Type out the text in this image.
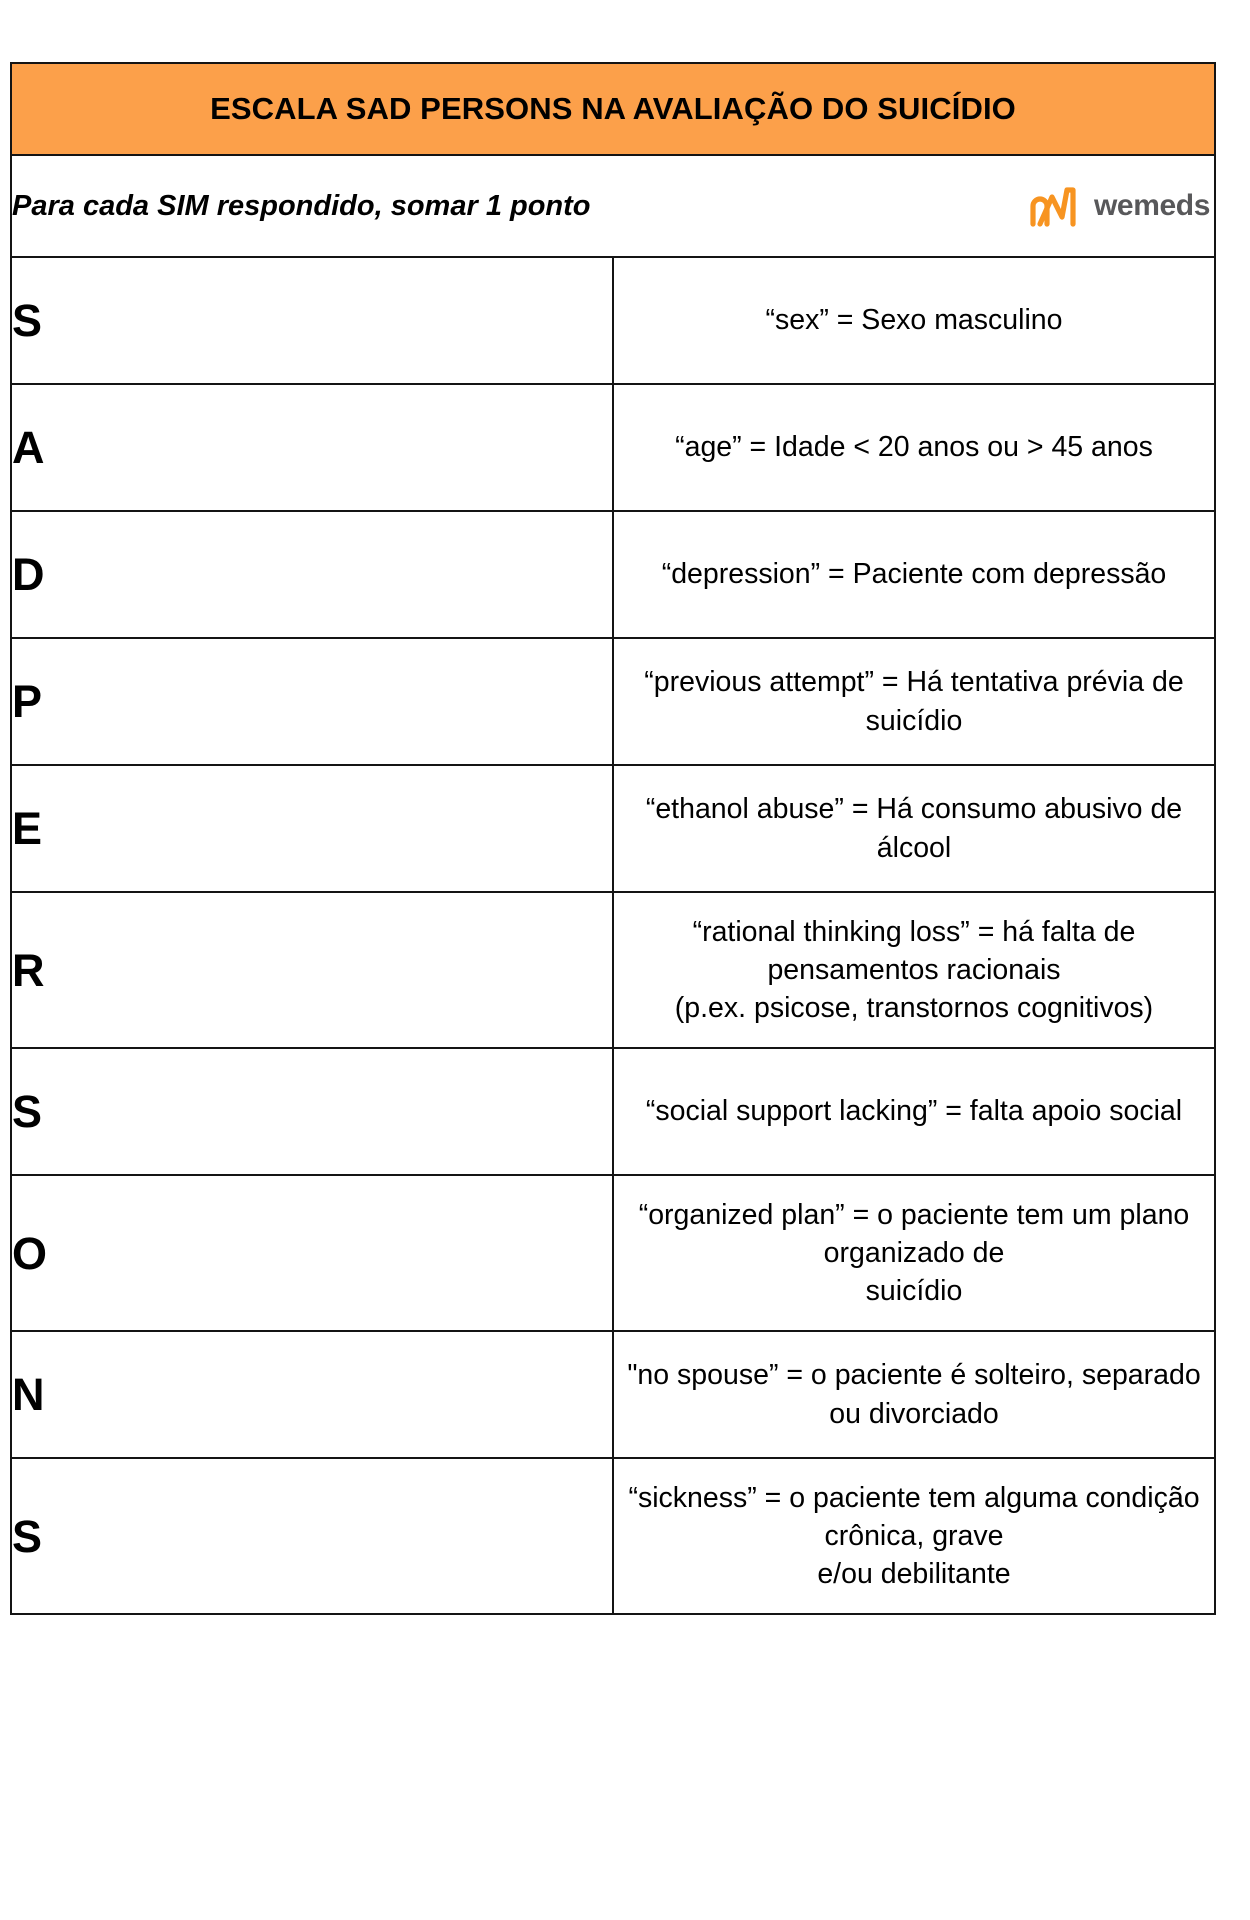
ESCALA SAD PERSONS NA AVALIAÇÃO DO SUICÍDIO	

Para cada SIM respondido, somar 1 ponto wemeds	

S	“sex” = Sexo masculino

A	“age” = Idade < 20 anos ou > 45 anos

D	“depression” = Paciente com depressão

P	“previous attempt” = Há tentativa prévia de suicídio

E	“ethanol abuse” = Há consumo abusivo de álcool

R	“rational thinking loss” = há falta de pensamentos racionais
(p.ex. psicose, transtornos cognitivos)

S	“social support lacking” = falta apoio social

O	“organized plan” = o paciente tem um plano organizado de
suicídio

N	"no spouse” = o paciente é solteiro, separado ou divorciado

S	“sickness” = o paciente tem alguma condição crônica, grave
e/ou debilitante
